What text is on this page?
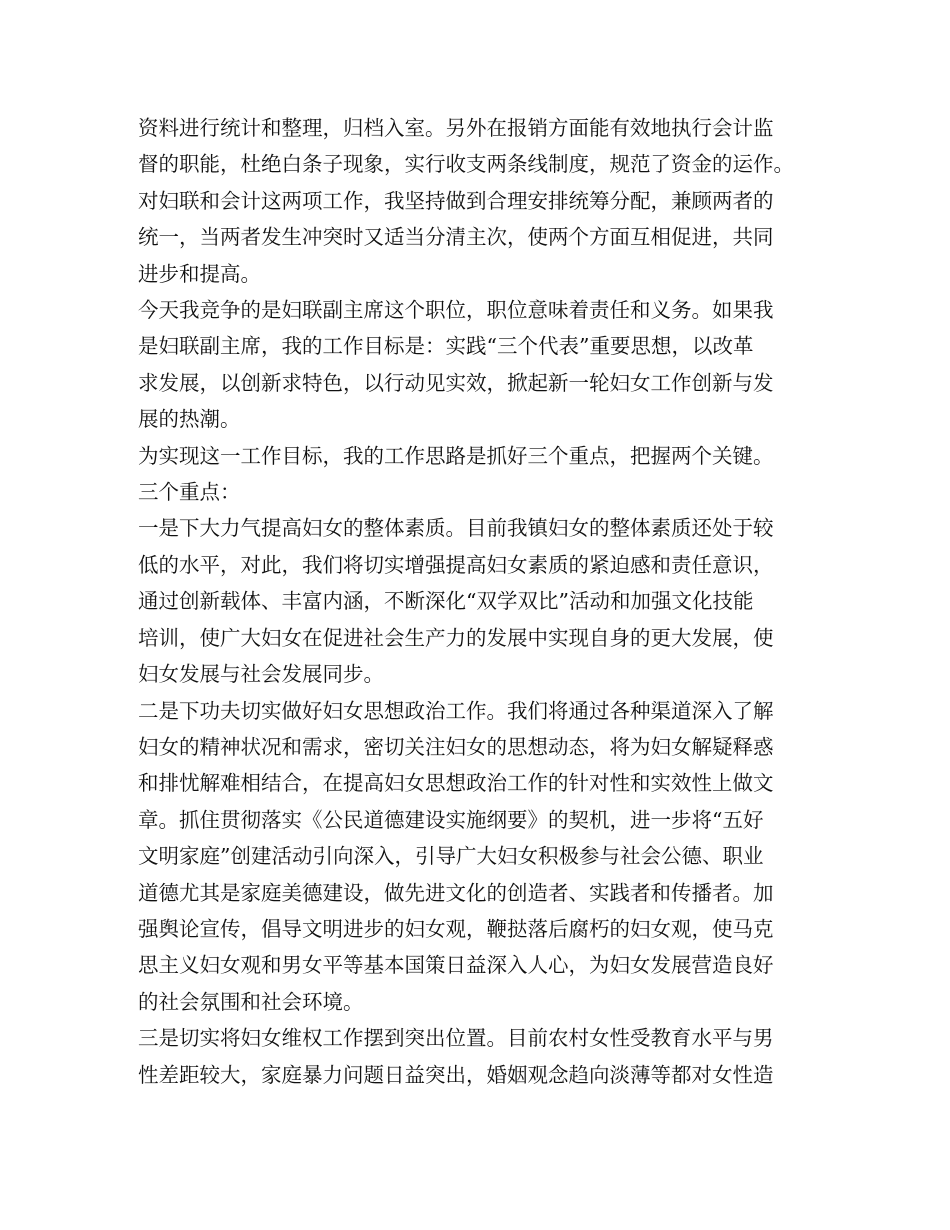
资料进行统计和整理，归档入室。另外在报销方面能有效地执行会计监
督的职能，杜绝白条子现象，实行收支两条线制度，规范了资金的运作。
对妇联和会计这两项工作，我坚持做到合理安排统筹分配，兼顾两者的
统一，当两者发生冲突时又适当分清主次，使两个方面互相促进，共同
进步和提高。

今天我竞争的是妇联副主席这个职位，职位意味着责任和义务。如果我
是妇联副主席，我的工作目标是：实践“三个代表”重要思想，以改革
求发展，以创新求特色，以行动见实效，掀起新一轮妇女工作创新与发
展的热潮。

为实现这一工作目标，我的工作思路是抓好三个重点，把握两个关键。

三个重点：

一是下大力气提高妇女的整体素质。目前我镇妇女的整体素质还处于较
低的水平，对此，我们将切实增强提高妇女素质的紧迫感和责任意识，
通过创新载体、丰富内涵，不断深化“双学双比”活动和加强文化技能
培训，使广大妇女在促进社会生产力的发展中实现自身的更大发展，使
妇女发展与社会发展同步。

二是下功夫切实做好妇女思想政治工作。我们将通过各种渠道深入了解
妇女的精神状况和需求，密切关注妇女的思想动态，将为妇女解疑释惑
和排忧解难相结合，在提高妇女思想政治工作的针对性和实效性上做文
章。抓住贯彻落实《公民道德建设实施纲要》的契机，进一步将“五好
文明家庭”创建活动引向深入，引导广大妇女积极参与社会公德、职业
道德尤其是家庭美德建设，做先进文化的创造者、实践者和传播者。加
强舆论宣传，倡导文明进步的妇女观，鞭挞落后腐朽的妇女观，使马克
思主义妇女观和男女平等基本国策日益深入人心，为妇女发展营造良好
的社会氛围和社会环境。

三是切实将妇女维权工作摆到突出位置。目前农村女性受教育水平与男
性差距较大，家庭暴力问题日益突出，婚姻观念趋向淡薄等都对女性造
